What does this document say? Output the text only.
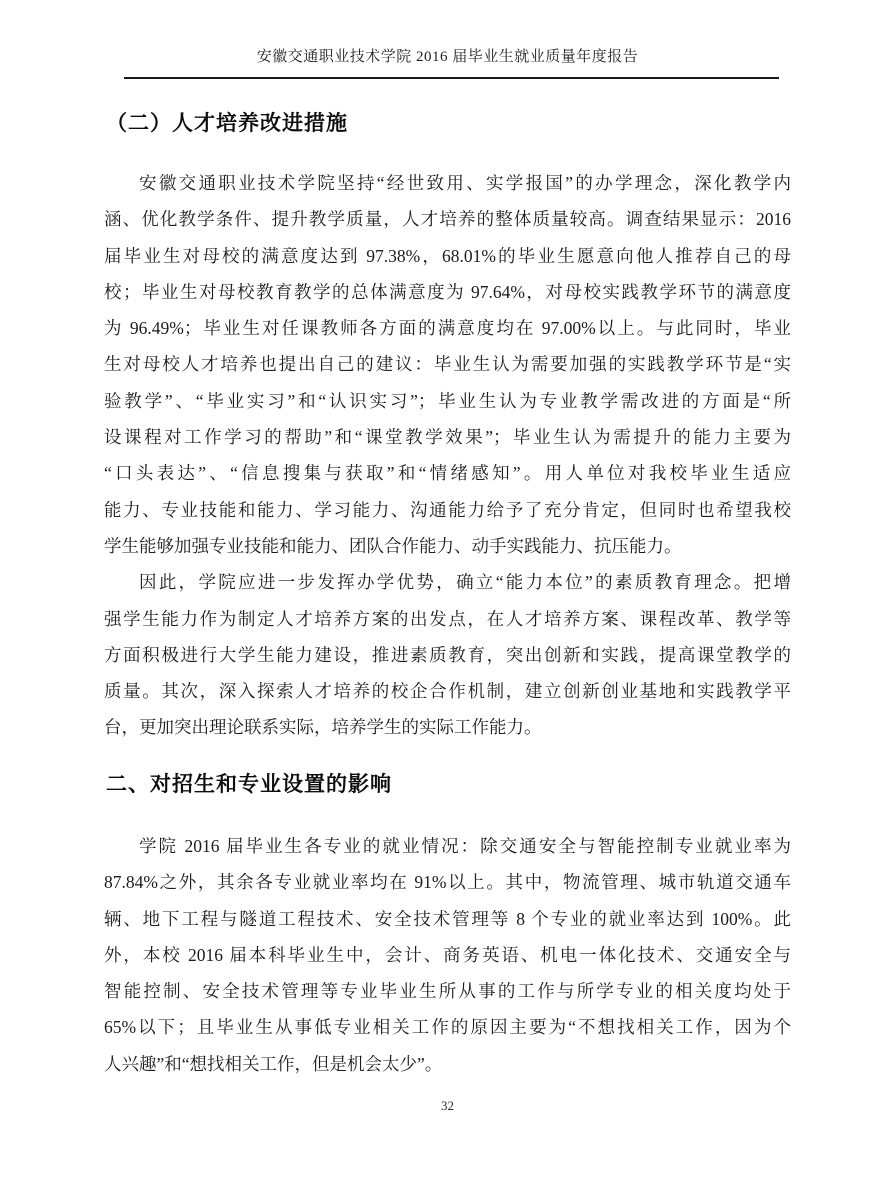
安徽交通职业技术学院 2016 届毕业生就业质量年度报告
（二）人才培养改进措施
安徽交通职业技术学院坚持“经世致用、实学报国”的办学理念，深化教学内
涵、优化教学条件、提升教学质量，人才培养的整体质量较高。调查结果显示：2016
届毕业生对母校的满意度达到 97.38%，68.01%的毕业生愿意向他人推荐自己的母
校；毕业生对母校教育教学的总体满意度为 97.64%，对母校实践教学环节的满意度
为 96.49%；毕业生对任课教师各方面的满意度均在 97.00%以上。与此同时，毕业
生对母校人才培养也提出自己的建议：毕业生认为需要加强的实践教学环节是“实
验教学”、“毕业实习”和“认识实习”；毕业生认为专业教学需改进的方面是“所
设课程对工作学习的帮助”和“课堂教学效果”；毕业生认为需提升的能力主要为
“口头表达”、“信息搜集与获取”和“情绪感知”。用人单位对我校毕业生适应
能力、专业技能和能力、学习能力、沟通能力给予了充分肯定，但同时也希望我校
学生能够加强专业技能和能力、团队合作能力、动手实践能力、抗压能力。
因此，学院应进一步发挥办学优势，确立“能力本位”的素质教育理念。把增
强学生能力作为制定人才培养方案的出发点，在人才培养方案、课程改革、教学等
方面积极进行大学生能力建设，推进素质教育，突出创新和实践，提高课堂教学的
质量。其次，深入探索人才培养的校企合作机制，建立创新创业基地和实践教学平
台，更加突出理论联系实际，培养学生的实际工作能力。
二、对招生和专业设置的影响
学院 2016 届毕业生各专业的就业情况：除交通安全与智能控制专业就业率为
87.84%之外，其余各专业就业率均在 91%以上。其中，物流管理、城市轨道交通车
辆、地下工程与隧道工程技术、安全技术管理等 8 个专业的就业率达到 100%。此
外，本校 2016 届本科毕业生中，会计、商务英语、机电一体化技术、交通安全与
智能控制、安全技术管理等专业毕业生所从事的工作与所学专业的相关度均处于
65%以下；且毕业生从事低专业相关工作的原因主要为“不想找相关工作，因为个
人兴趣”和“想找相关工作，但是机会太少”。
32
